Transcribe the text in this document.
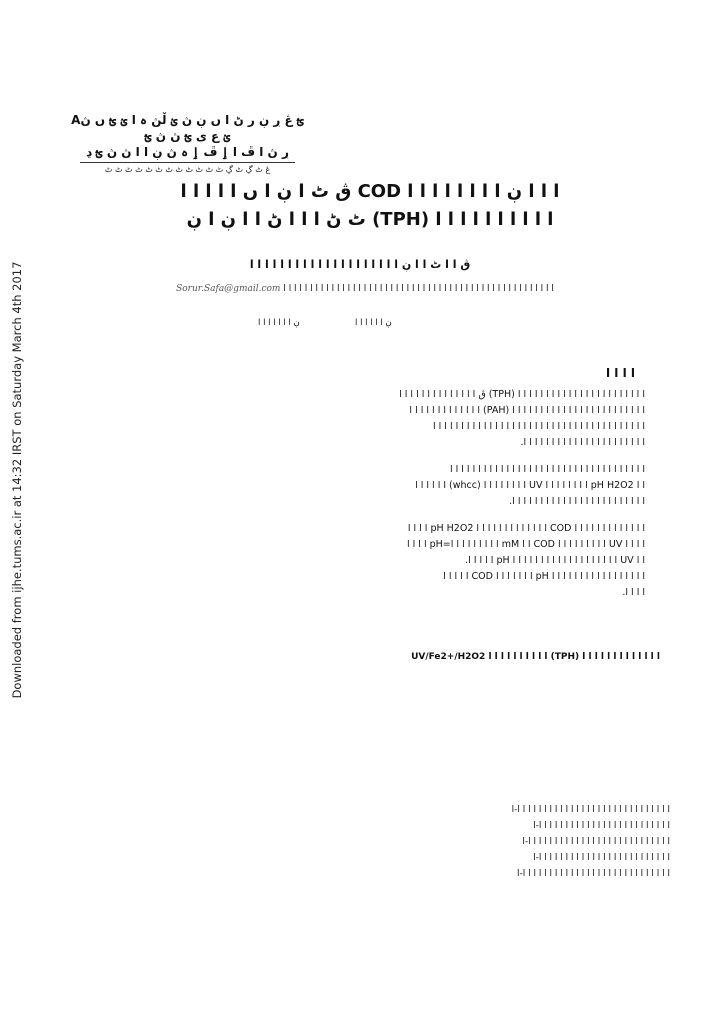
Downloaded from ijhe.tums.ac.ir at 14:32 IRST on Saturday March 4th 2017
Aؿ ڠ ڔ ڹ ر ڻ ا ں ڹ ڽ ؽ ڵڽ ہ ا ؽ ؿ ں ڽ ؽ ع ی ؿ ڽ ڽ ؿ
ڔ ڽ ا ڦ ا ٳ ڦ ٳ ہ ڽ ڹ ا ا ڽ ڽ ؿ ڍ
ڠ ٹ ڲ ٹ ڲ ٹ ٹ ٹ ٹ ٹ ٹ ٹ ٹ ٹ ٹ ٹ ٹ
ڨ ٹ ا ڹ ا ں ا ا ا ا ا COD ا ا ا ڹ ا ا ا ا ا ا ا ا
ٹ ڻ ا ا ا ڻ ا ا ڹ ا ڹ (TPH) ا ا ا ا ا ا ا ا ا ا
ڨ ا ا ٹ ا ا ڹ ا ا ا ا ا ا ا ا ا ا ا ا ا ا ا ا ا ا ا ا
Sorur.Safa@gmail.com ا ا ا ا ا ا ا ا ا ا ا ا ا ا ا ا ا ا ا ا ا ا ا ا ا ا ا ا ا ا ا ا ا ا ا ا ا ا ا ا ا ا ا ا ا ا ا ا ا ا ا
ڹ ا ا ا ا ا ا
ڹ ا ا ا ا ا ا ا
ا ا ا ا
ڨ ا ا ا ا ا ا ا ا ا ا ا ا ا ا (TPH) ا ا ا ا ا ا ا ا ا ا ا ا ا ا ا ا ا ا ا ا ا ا ا
ا ا ا ا ا ا ا ا ا ا ا ا ا (PAH) ا ا ا ا ا ا ا ا ا ا ا ا ا ا ا ا ا ا ا ا ا ا ا ا
ا ا ا ا ا ا ا ا ا ا ا ا ا ا ا ا ا ا ا ا ا ا ا ا ا ا ا ا ا ا ا ا ا ا ا ا ا ا
.ا ا ا ا ا ا ا ا ا ا ا ا ا ا ا ا ا ا ا ا ا ا
ا ا ا ا ا ا ا ا ا ا ا ا ا ا ا ا ا ا ا ا ا ا ا ا ا ا ا ا ا ا ا ا ا ا ا
ا ا ا ا ا ا (whcc) ا ا ا ا ا ا ا ا UV ا ا ا ا ا ا ا ا pH H2O2 ا ا
.ا ا ا ا ا ا ا ا ا ا ا ا ا ا ا ا ا ا ا ا ا ا ا ا
ا ا ا ا pH H2O2 ا ا ا ا ا ا ا ا ا ا ا ا ا COD ا ا ا ا ا ا ا ا ا ا ا ا ا
ا ا ا ا pH=ا ا ا ا ا ا ا ا ا mM ا ا COD ا ا ا ا ا ا ا ا ا UV ا ا ا ا
.ا ا ا ا ا pH ا ا ا ا ا ا ا ا ا ا ا ا ا ا ا ا ا ا ا UV ا ا
ا ا ا ا ا COD ا ا ا ا ا ا ا pH ا ا ا ا ا ا ا ا ا ا ا ا ا ا ا ا ا
.ا ا ا ا
UV/Fe2+/H2O2 ا ا ا ا ا ا ا ا ا ا (TPH) ا ا ا ا ا ا ا ا ا ا ا ا ا
ا ا ا ا ا ا ا ا ا ا ا ا ا ا ا ا ا ا ا ا ا ا ا ا ا ا ا ا ا-ا
ا ا ا ا ا ا ا ا ا ا ا ا ا ا ا ا ا ا ا ا ا ا ا ا ا-ا
ا ا ا ا ا ا ا ا ا ا ا ا ا ا ا ا ا ا ا ا ا ا ا ا ا ا ا-ا
ا ا ا ا ا ا ا ا ا ا ا ا ا ا ا ا ا ا ا ا ا ا ا ا ا-ا
ا ا ا ا ا ا ا ا ا ا ا ا ا ا ا ا ا ا ا ا ا ا ا ا ا ا ا ا-ا
